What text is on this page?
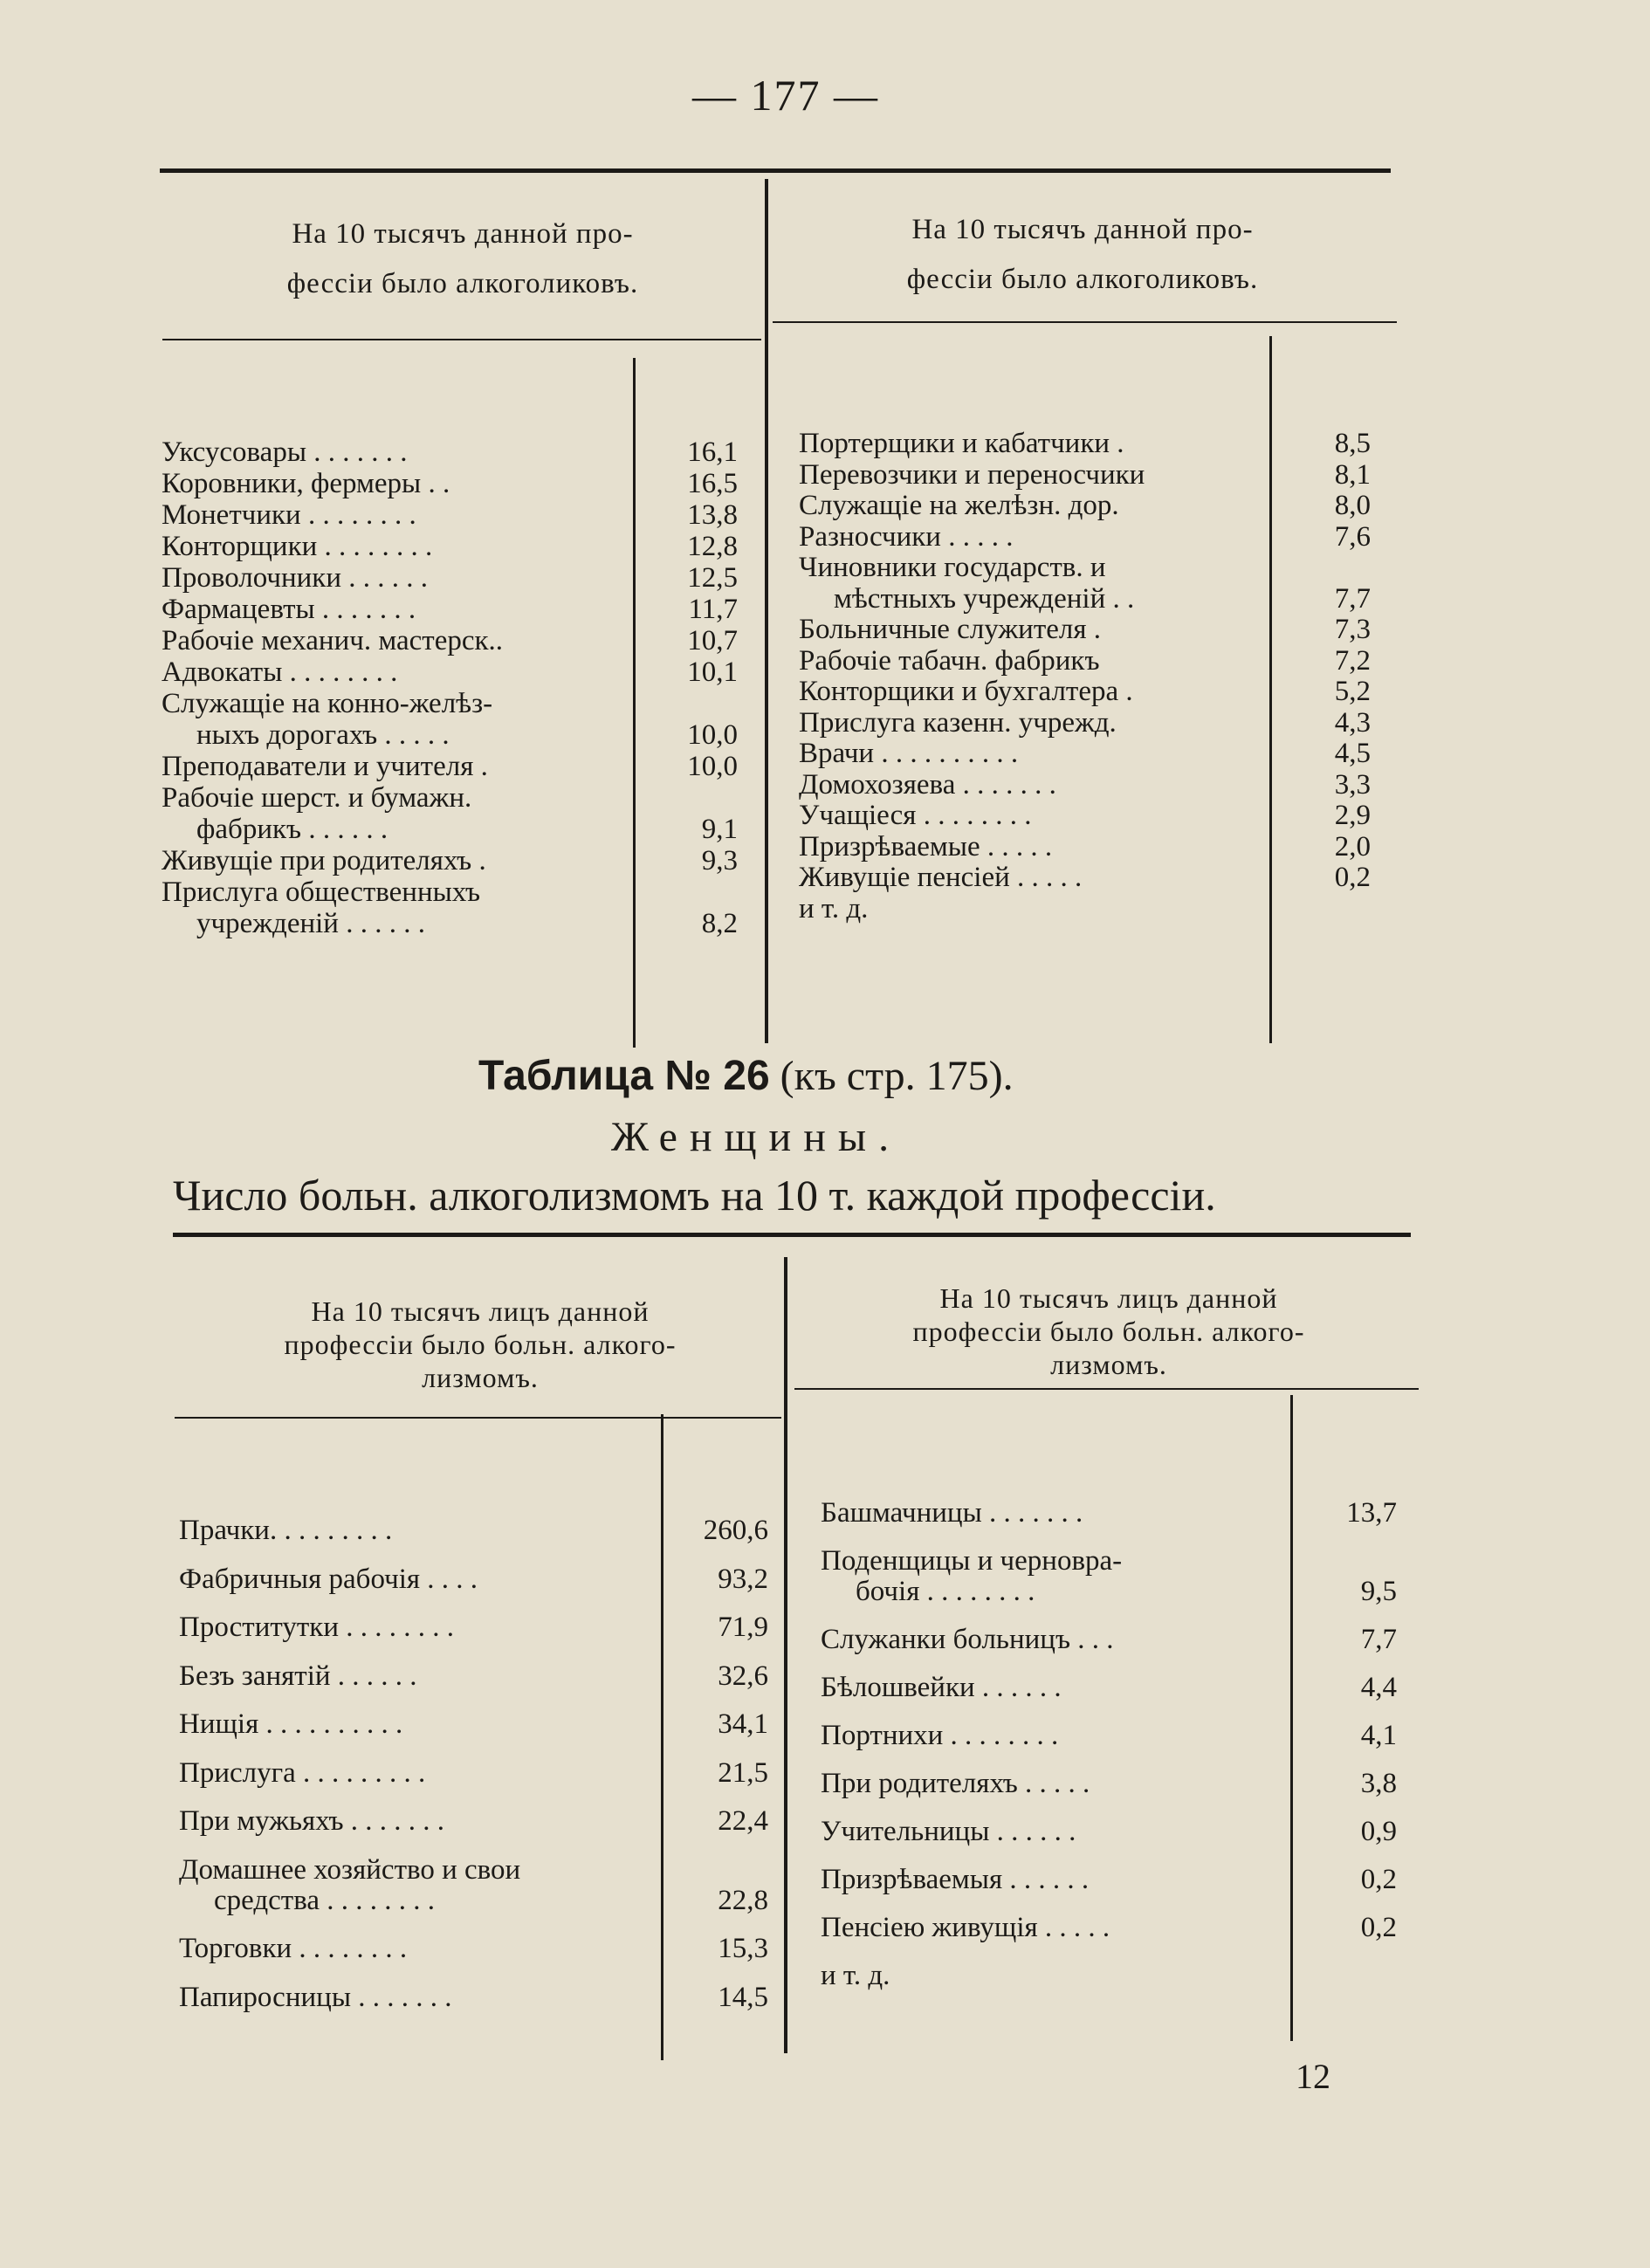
— 177 —
На 10 тысячъ данной про-
фессіи было алкоголиковъ.
На 10 тысячъ данной про-
фессіи было алкоголиковъ.
Уксусовары . . . . . . .	16,1
Коровники, фермеры . .	16,5
Монетчики . . . . . . . .	13,8
Конторщики . . . . . . . .	12,8
Проволочники . . . . . .	12,5
Фармацевты . . . . . . .	11,7
Рабочіе механич. мастерск..	10,7
Адвокаты . . . . . . . .	10,1
Служащіе на конно-желѣз-
ныхъ дорогахъ . . . . .	10,0
Преподаватели и учителя .	10,0
Рабочіе шерст. и бумажн.
фабрикъ . . . . . .	9,1
Живущіе при родителяхъ .	9,3
Прислуга общественныхъ
учрежденій . . . . . .	8,2
Портерщики и кабатчики .	8,5
Перевозчики и переносчики	8,1
Служащіе на желѣзн. дор.	8,0
Разносчики . . . . .	7,6
Чиновники государств. и
мѣстныхъ учрежденій . .	7,7
Больничные служителя .	7,3
Рабочіе табачн. фабрикъ	7,2
Конторщики и бухгалтера .	5,2
Прислуга казенн. учрежд.	4,3
Врачи . . . . . . . . . .	4,5
Домохозяева . . . . . . .	3,3
Учащіеся . . . . . . . .	2,9
Призрѣваемые . . . . .	2,0
Живущіе пенсіей . . . . .	0,2
и т. д.
Таблица № 26 (къ стр. 175).
Женщины.
Число больн. алкоголизмомъ на 10 т. каждой профессіи.
На 10 тысячъ лицъ данной
профессіи было больн. алкого-
лизмомъ.
На 10 тысячъ лицъ данной
профессіи было больн. алкого-
лизмомъ.
Прачки. . . . . . . . .	260,6
Фабричныя рабочія . . . .	93,2
Проститутки . . . . . . . .	71,9
Безъ занятій . . . . . .	32,6
Нищія . . . . . . . . . .	34,1
Прислуга . . . . . . . . .	21,5
При мужьяхъ . . . . . . .	22,4
Домашнее хозяйство и свои
средства . . . . . . . .	22,8
Торговки . . . . . . . .	15,3
Папиросницы . . . . . . .	14,5
Башмачницы . . . . . . .	13,7
Поденщицы и черновра-
бочія . . . . . . . .	9,5
Служанки больницъ . . .	7,7
Бѣлошвейки . . . . . .	4,4
Портнихи . . . . . . . .	4,1
При родителяхъ . . . . .	3,8
Учительницы . . . . . .	0,9
Призрѣваемыя . . . . . .	0,2
Пенсіею живущія . . . . .	0,2
и т. д.
12
